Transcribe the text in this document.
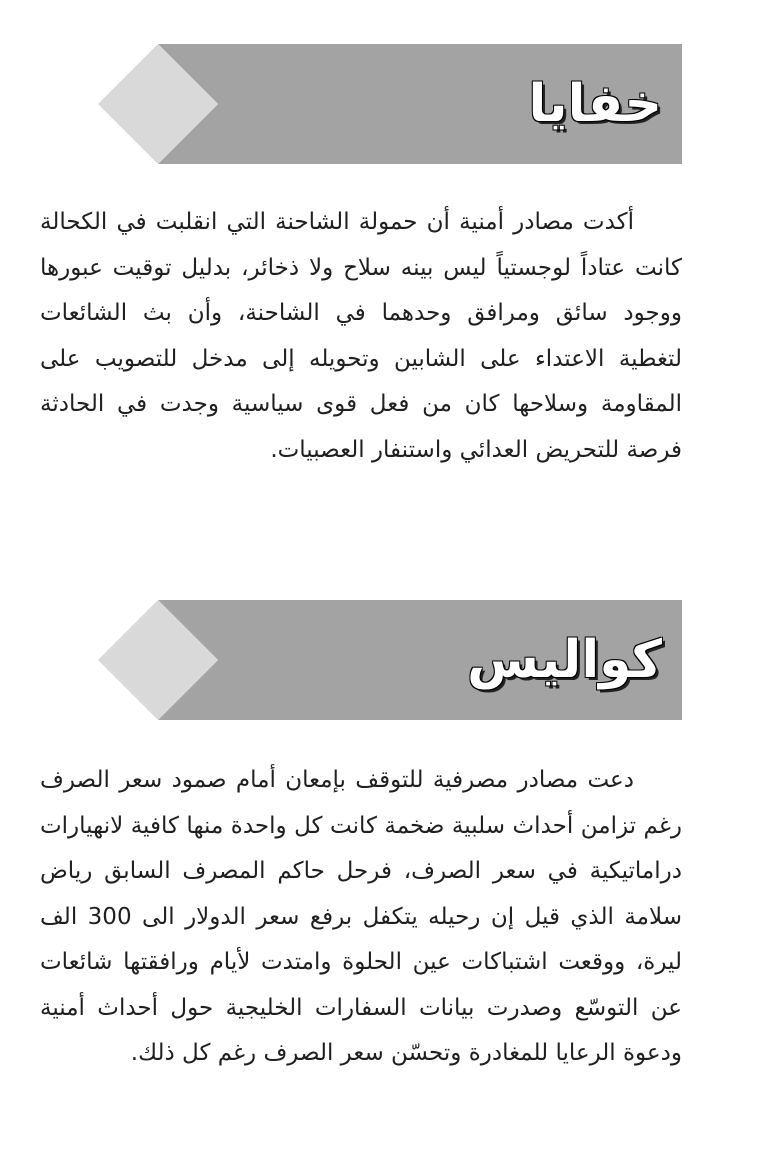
خفايا

أكدت مصادر أمنية أن حمولة الشاحنة التي انقلبت في الكحالة كانت عتاداً لوجستياً ليس بينه سلاح ولا ذخائر، بدليل توقيت عبورها ووجود سائق ومرافق وحدهما في الشاحنة، وأن بث الشائعات لتغطية الاعتداء على الشابين وتحويله إلى مدخل للتصويب على المقاومة وسلاحها كان من فعل قوى سياسية وجدت في الحادثة فرصة للتحريض العدائي واستنفار العصبيات.

كواليس

دعت مصادر مصرفية للتوقف بإمعان أمام صمود سعر الصرف رغم تزامن أحداث سلبية ضخمة كانت كل واحدة منها كافية لانهيارات دراماتيكية في سعر الصرف، فرحل حاكم المصرف السابق رياض سلامة الذي قيل إن رحيله يتكفل برفع سعر الدولار الى 300 الف ليرة، ووقعت اشتباكات عين الحلوة وامتدت لأيام ورافقتها شائعات عن التوسّع وصدرت بيانات السفارات الخليجية حول أحداث أمنية ودعوة الرعايا للمغادرة وتحسّن سعر الصرف رغم كل ذلك.
